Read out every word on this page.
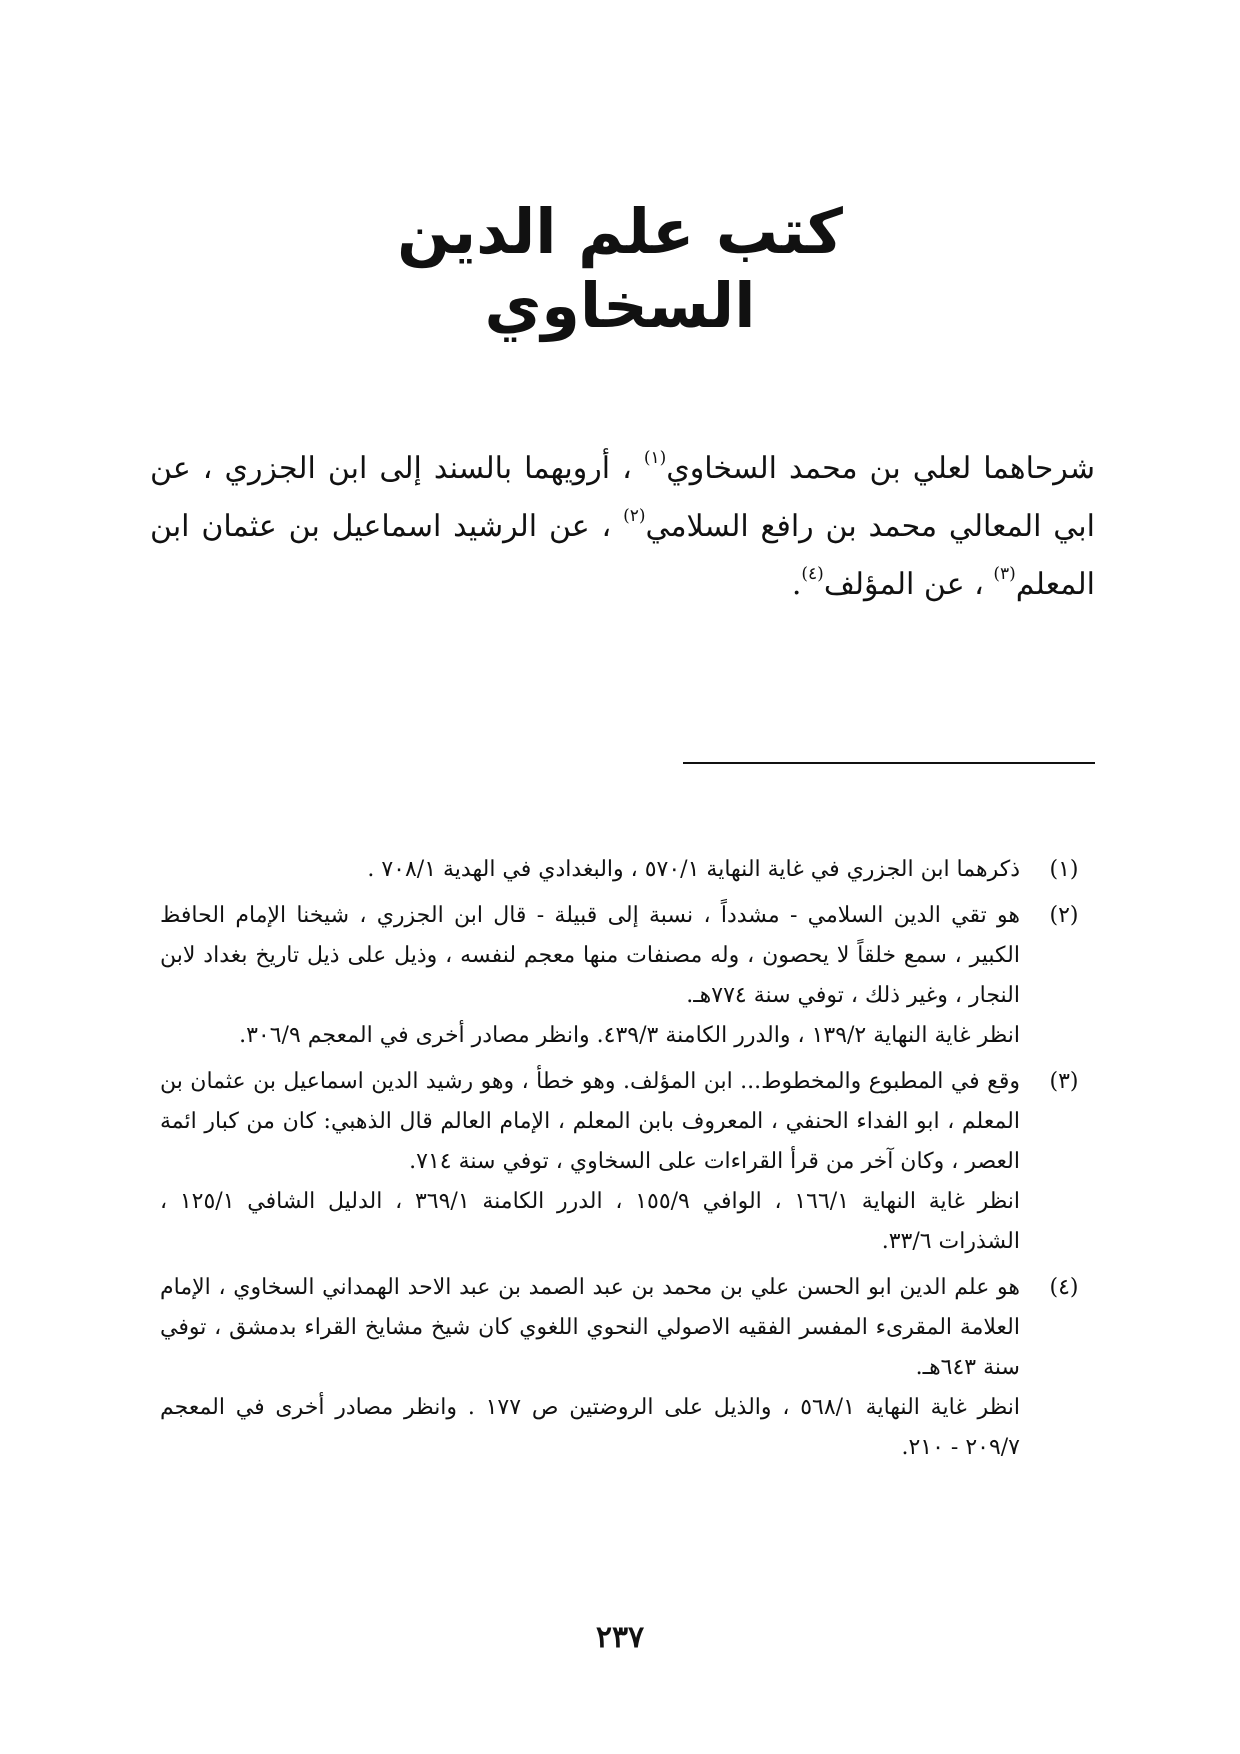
كتب علم الدين السخاوي

شرحاهما لعلي بن محمد السخاوي$^{(١)}$ ، أرويهما بالسند إلى ابن الجزري ، عن ابي المعالي محمد بن رافع السلامي$^{(٢)}$ ، عن الرشيد اسماعيل بن عثمان ابن المعلم$^{(٣)}$ ، عن المؤلف$^{(٤)}$.

(١)

ذكرهما ابن الجزري في غاية النهاية ٥٧٠/١ ، والبغدادي في الهدية ٧٠٨/١ .

(٢)

هو تقي الدين السلامي - مشدداً ، نسبة إلى قبيلة - قال ابن الجزري ، شيخنا الإمام الحافظ الكبير ، سمع خلقاً لا يحصون ، وله مصنفات منها معجم لنفسه ، وذيل على ذيل تاريخ بغداد لابن النجار ، وغير ذلك ، توفي سنة ٧٧٤هـ.

انظر غاية النهاية ١٣٩/٢ ، والدرر الكامنة ٤٣٩/٣. وانظر مصادر أخرى في المعجم ٣٠٦/٩.

(٣)

وقع في المطبوع والمخطوط... ابن المؤلف. وهو خطأ ، وهو رشيد الدين اسماعيل بن عثمان بن المعلم ، ابو الفداء الحنفي ، المعروف بابن المعلم ، الإمام العالم قال الذهبي: كان من كبار ائمة العصر ، وكان آخر من قرأ القراءات على السخاوي ، توفي سنة ٧١٤.

انظر غاية النهاية ١٦٦/١ ، الوافي ١٥٥/٩ ، الدرر الكامنة ٣٦٩/١ ، الدليل الشافي ١٢٥/١ ، الشذرات ٣٣/٦.

(٤)

هو علم الدين ابو الحسن علي بن محمد بن عبد الصمد بن عبد الاحد الهمداني السخاوي ، الإمام العلامة المقرىء المفسر الفقيه الاصولي النحوي اللغوي كان شيخ مشايخ القراء بدمشق ، توفي سنة ٦٤٣هـ.

انظر غاية النهاية ٥٦٨/١ ، والذيل على الروضتين ص ١٧٧ . وانظر مصادر أخرى في المعجم ٢٠٩/٧ - ٢١٠.

٢٣٧
